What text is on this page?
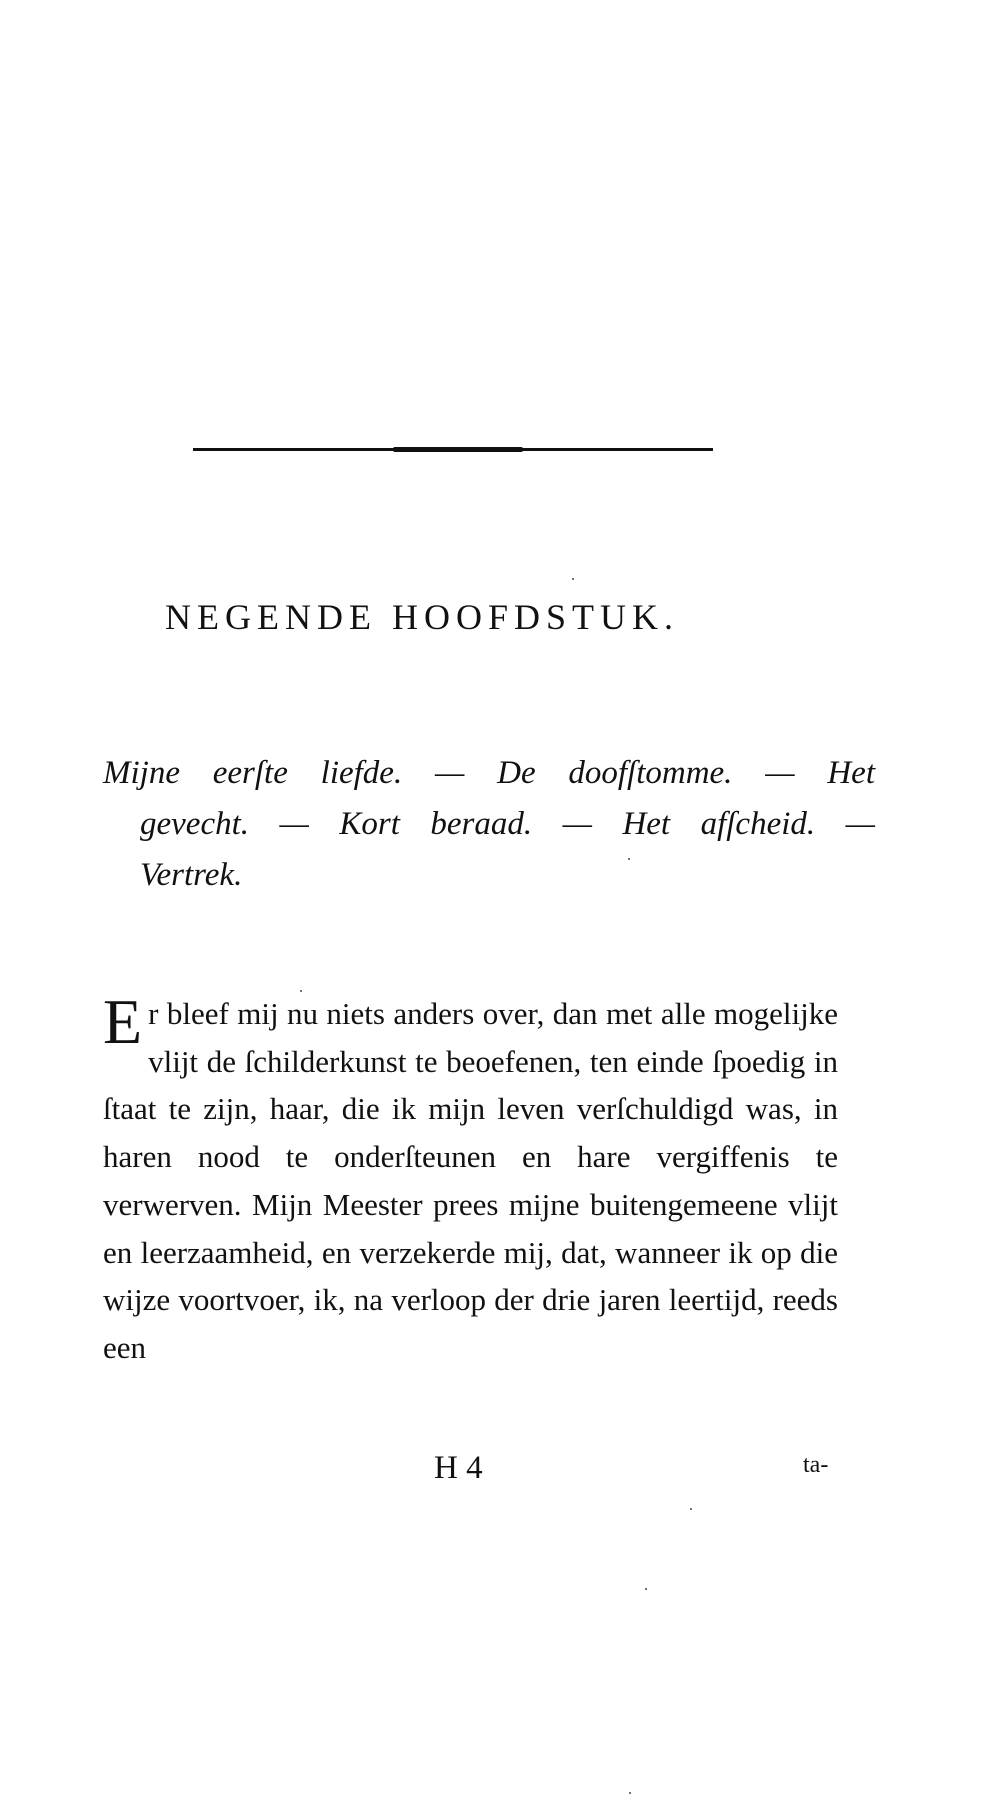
NEGENDE HOOFDSTUK.
Mijne eerſte liefde. — De doofſtomme. — Het gevecht. — Kort beraad. — Het afſcheid. — Vertrek.
Er bleef mij nu niets anders over, dan met alle mogelijke vlijt de ſchilderkunst te beoefenen, ten einde ſpoedig in ſtaat te zijn, haar, die ik mijn leven verſchuldigd was, in haren nood te onderſteunen en hare vergiffenis te verwerven. Mijn Meester prees mijne buitengemeene vlijt en leerzaamheid, en verzekerde mij, dat, wanneer ik op die wijze voortvoer, ik, na verloop der drie jaren leertijd, reeds een
H 4	ta-
